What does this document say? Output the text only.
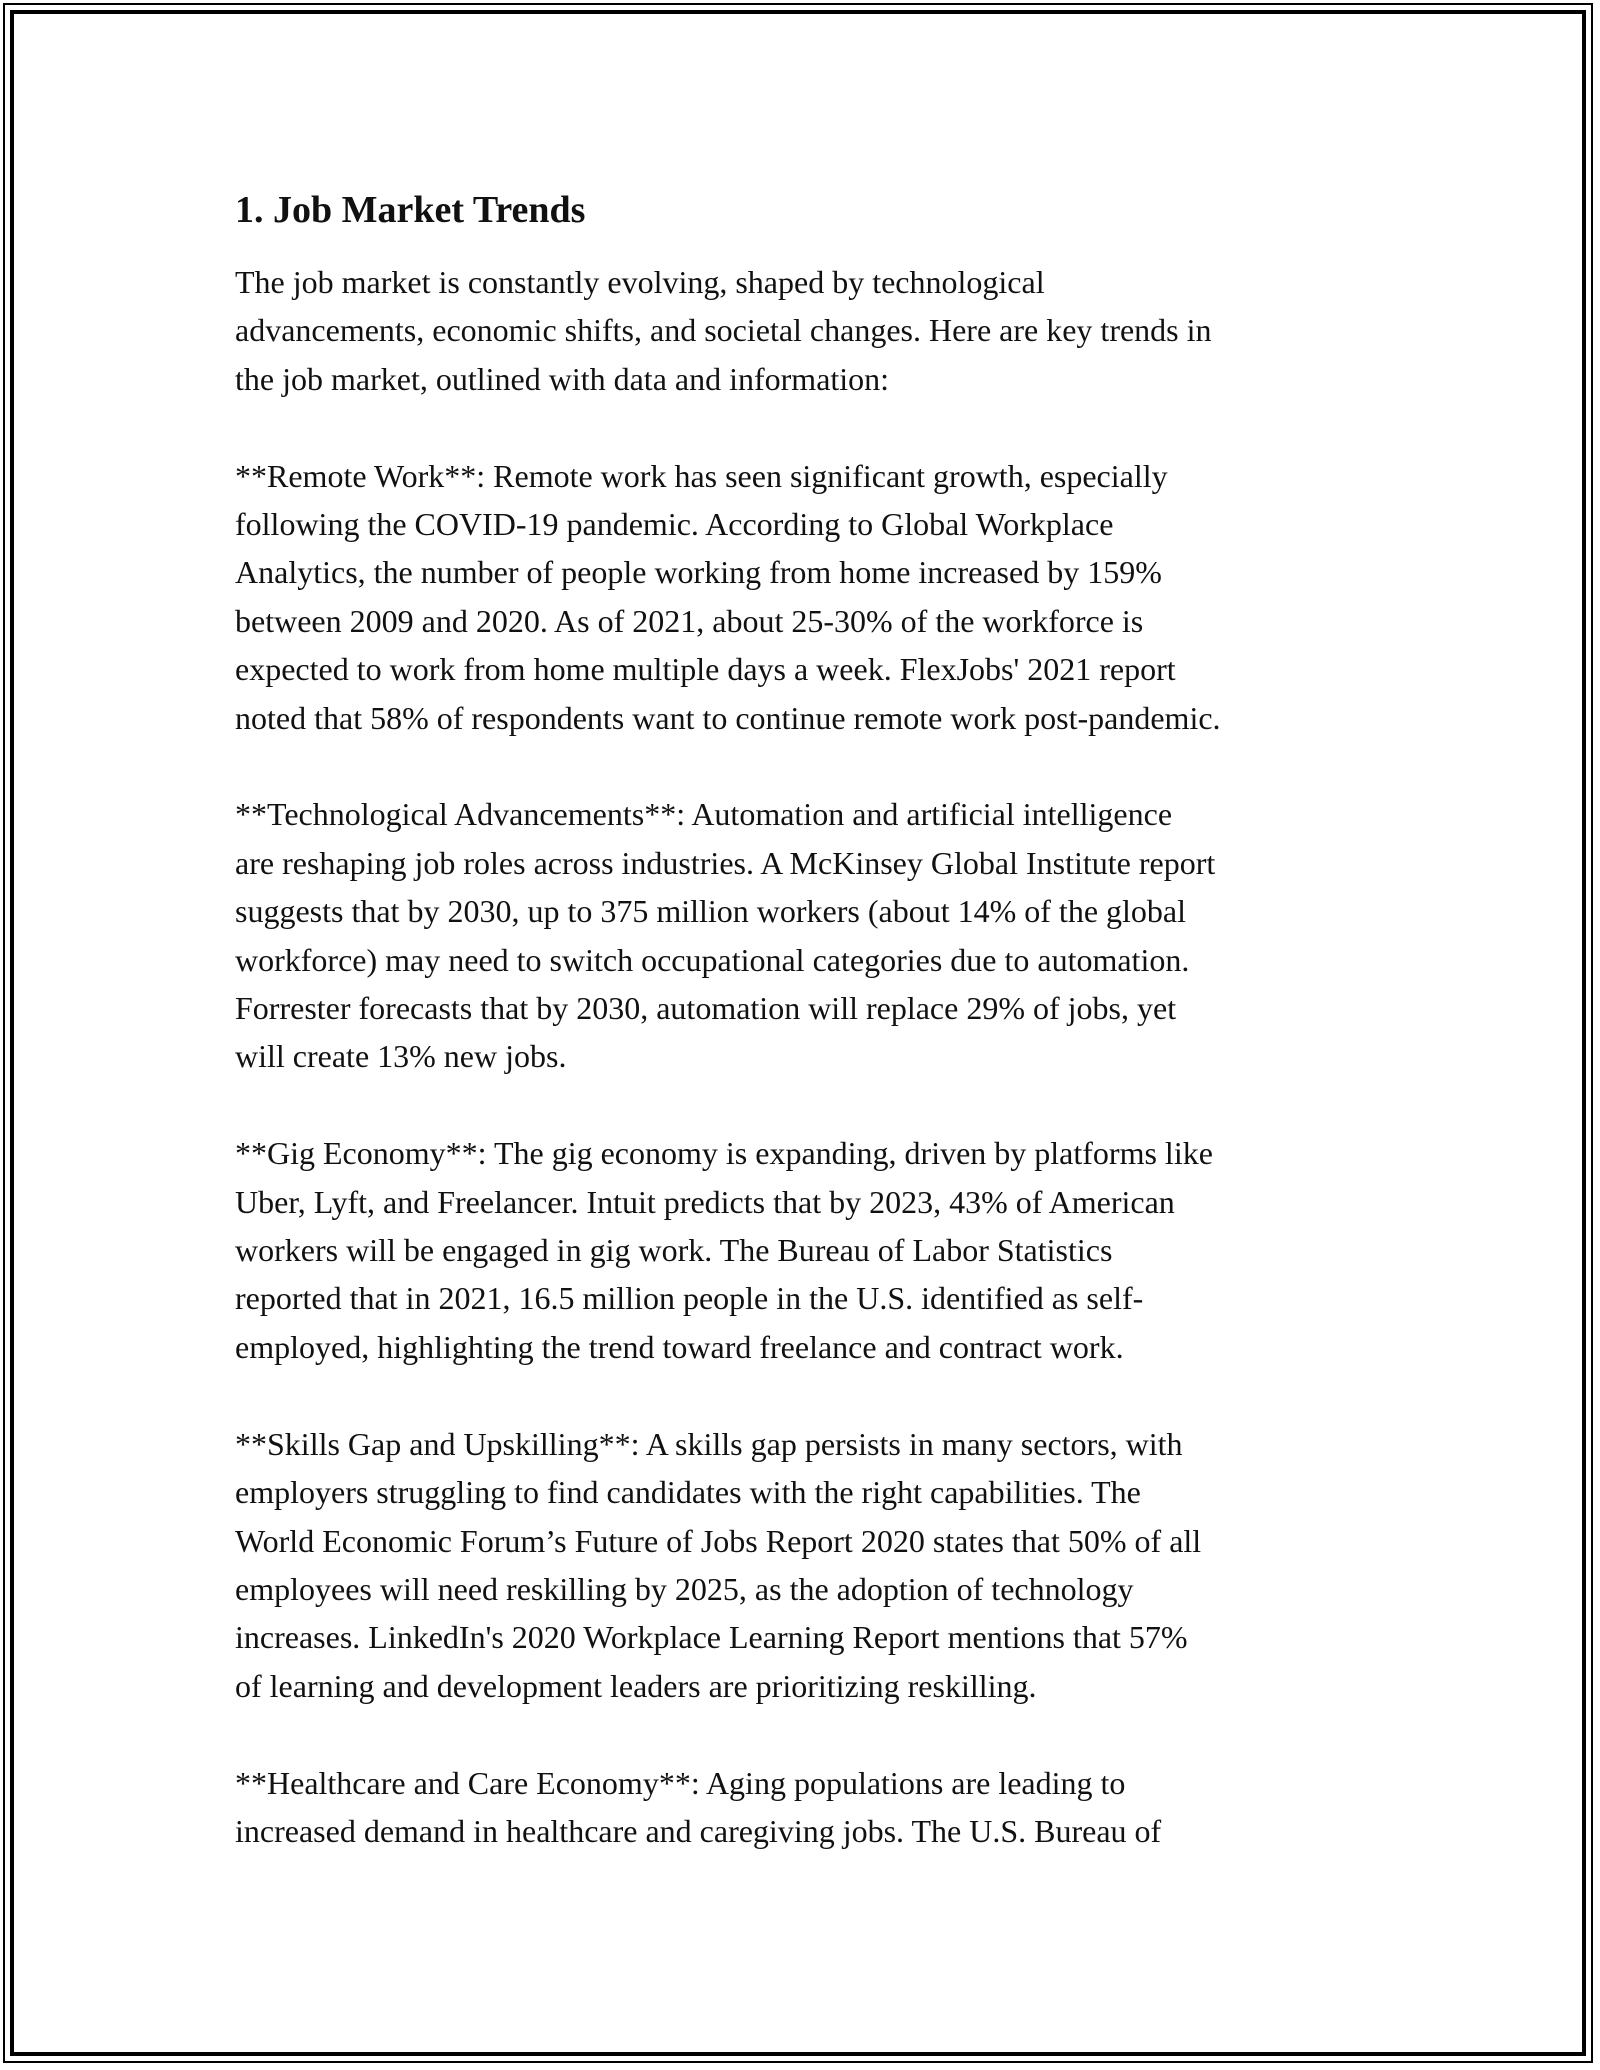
1. Job Market Trends
The job market is constantly evolving, shaped by technological
advancements, economic shifts, and societal changes. Here are key trends in
the job market, outlined with data and information:
**Remote Work**: Remote work has seen significant growth, especially
following the COVID-19 pandemic. According to Global Workplace
Analytics, the number of people working from home increased by 159%
between 2009 and 2020. As of 2021, about 25-30% of the workforce is
expected to work from home multiple days a week. FlexJobs' 2021 report
noted that 58% of respondents want to continue remote work post-pandemic.
**Technological Advancements**: Automation and artificial intelligence
are reshaping job roles across industries. A McKinsey Global Institute report
suggests that by 2030, up to 375 million workers (about 14% of the global
workforce) may need to switch occupational categories due to automation.
Forrester forecasts that by 2030, automation will replace 29% of jobs, yet
will create 13% new jobs.
**Gig Economy**: The gig economy is expanding, driven by platforms like
Uber, Lyft, and Freelancer. Intuit predicts that by 2023, 43% of American
workers will be engaged in gig work. The Bureau of Labor Statistics
reported that in 2021, 16.5 million people in the U.S. identified as self-
employed, highlighting the trend toward freelance and contract work.
**Skills Gap and Upskilling**: A skills gap persists in many sectors, with
employers struggling to find candidates with the right capabilities. The
World Economic Forum’s Future of Jobs Report 2020 states that 50% of all
employees will need reskilling by 2025, as the adoption of technology
increases. LinkedIn's 2020 Workplace Learning Report mentions that 57%
of learning and development leaders are prioritizing reskilling.
**Healthcare and Care Economy**: Aging populations are leading to
increased demand in healthcare and caregiving jobs. The U.S. Bureau of
